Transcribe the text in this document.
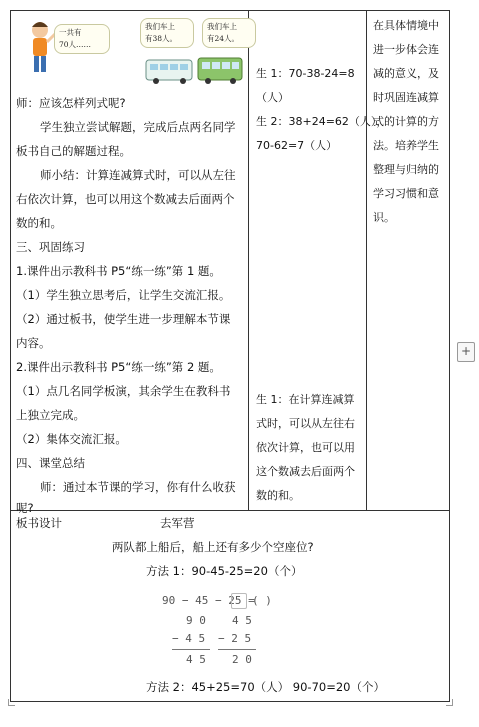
一共有
70人……
我们车上
有38人。
我们车上
有24人。
师：应该怎样列式呢?
学生独立尝试解题，完成后点两名同学
板书自己的解题过程。
师小结：计算连减算式时，可以从左往
右依次计算，也可以用这个数减去后面两个
数的和。
三、巩固练习
1.课件出示教科书 P5“练一练”第 1 题。
（1）学生独立思考后，让学生交流汇报。
（2）通过板书，使学生进一步理解本节课
内容。
2.课件出示教科书 P5“练一练”第 2 题。
（1）点几名同学板演，其余学生在教科书
上独立完成。
（2）集体交流汇报。
四、课堂总结
师：通过本节课的学习，你有什么收获
呢?
生 1：70-38-24=8
（人）
生 2：38+24=62（人），
70-62=7（人）
生 1：在计算连减算
式时，可以从左往右
依次计算，也可以用
这个数减去后面两个
数的和。
在具体情境中
进一步体会连
减的意义，及
时巩固连减算
式的计算的方
法。培养学生
整理与归纳的
学习习惯和意
识。
板书设计	去军营
两队都上船后，船上还有多少个空座位?
方法 1：90-45-25=20（个）
90 − 45 − 25 =
( )
9 0
− 4 5
4 5
4 5
− 2 5
2 0
方法 2：45+25=70（人） 90-70=20（个）
+
